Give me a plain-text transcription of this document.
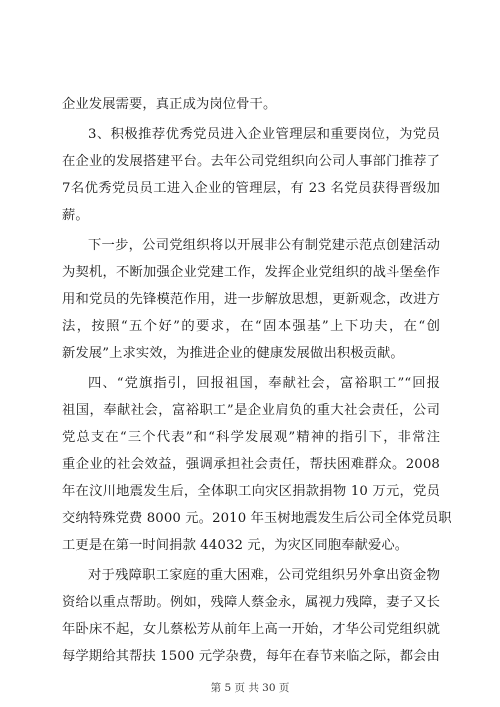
企业发展需要，真正成为岗位骨干。
3、积极推荐优秀党员进入企业管理层和重要岗位，为党员
在企业的发展搭建平台。去年公司党组织向公司人事部门推荐了
7名优秀党员员工进入企业的管理层，有 23 名党员获得晋级加
薪。
下一步，公司党组织将以开展非公有制党建示范点创建活动
为契机，不断加强企业党建工作，发挥企业党组织的战斗堡垒作
用和党员的先锋模范作用，进一步解放思想，更新观念，改进方
法，按照“五个好”的要求，在“固本强基”上下功夫，在“创
新发展”上求实效，为推进企业的健康发展做出积极贡献。
四、“党旗指引，回报祖国，奉献社会，富裕职工”“回报
祖国，奉献社会，富裕职工”是企业肩负的重大社会责任，公司
党总支在“三个代表”和“科学发展观”精神的指引下，非常注
重企业的社会效益，强调承担社会责任，帮扶困难群众。2008
年在汶川地震发生后，全体职工向灾区捐款捐物 10 万元，党员
交纳特殊党费 8000 元。2010 年玉树地震发生后公司全体党员职
工更是在第一时间捐款 44032 元，为灾区同胞奉献爱心。
对于残障职工家庭的重大困难，公司党组织另外拿出资金物
资给以重点帮助。例如，残障人蔡金永，属视力残障，妻子又长
年卧床不起，女儿蔡松芳从前年上高一开始，才华公司党组织就
每学期给其帮扶 1500 元学杂费，每年在春节来临之际，都会由
第 5 页 共 30 页
